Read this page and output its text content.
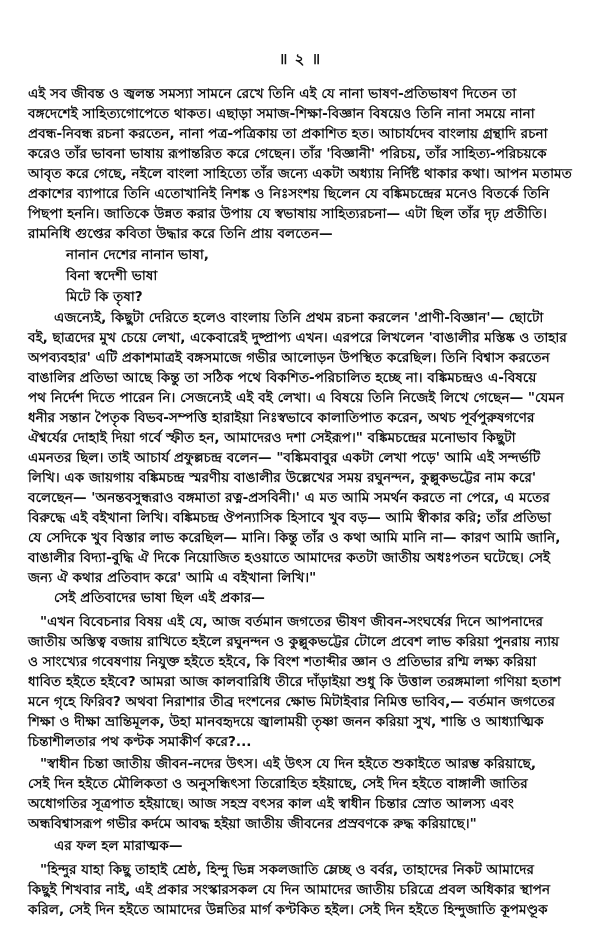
॥ ২ ॥
এই সব জীবন্ত ও জ্বলন্ত সমস্যা সামনে রেখে তিনি এই যে নানা ভাষণ-প্রতিভাষণ দিতেন তা
বঙ্গদেশেই সাহিত্যগোপেতে থাকত। এছাড়া সমাজ-শিক্ষা-বিজ্ঞান বিষয়েও তিনি নানা সময়ে নানা
প্রবন্ধ-নিবন্ধ রচনা করতেন, নানা পত্র-পত্রিকায় তা প্রকাশিত হত। আচার্যদেব বাংলায় গ্রন্থাদি রচনা
করেও তাঁর ভাবনা ভাষায় রূপান্তরিত করে গেছেন। তাঁর 'বিজ্ঞানী' পরিচয়, তাঁর সাহিত্য-পরিচয়কে
আবৃত করে গেছে, নইলে বাংলা সাহিত্যে তাঁর জন্যে একটা অধ্যায় নির্দিষ্ট থাকার কথা। আপন মতামত
প্রকাশের ব্যাপারে তিনি এতোখানিই নিশঙ্ক ও নিঃসংশয় ছিলেন যে বঙ্কিমচন্দ্রের মনেও বিতর্কে তিনি
পিছপা হননি। জাতিকে উন্নত করার উপায় যে স্বভাষায় সাহিত্যরচনা— এটা ছিল তাঁর দৃঢ় প্রতীতি।
রামনিধি গুপ্তের কবিতা উদ্ধার করে তিনি প্রায় বলতেন—
নানান দেশের নানান ভাষা,
বিনা স্বদেশী ভাষা
মিটে কি তৃষা?
এজন্যেই, কিছুটা দেরিতে হলেও বাংলায় তিনি প্রথম রচনা করলেন 'প্রাণী-বিজ্ঞান'— ছোটো
বই, ছাত্রদের মুখ চেয়ে লেখা, একেবারেই দুষ্প্রাপ্য এখন। এরপরে লিখলেন 'বাঙালীর মস্তিষ্ক ও তাহার
অপব্যবহার' এটি প্রকাশমাত্রই বঙ্গসমাজে গভীর আলোড়ন উপস্থিত করেছিল। তিনি বিশ্বাস করতেন
বাঙালির প্রতিভা আছে কিন্তু তা সঠিক পথে বিকশিত-পরিচালিত হচ্ছে না। বঙ্কিমচন্দ্রও এ-বিষয়ে
পথ নির্দেশ দিতে পারেন নি। সেজন্যেই এই বই লেখা। এ বিষয়ে তিনি নিজেই লিখে গেছেন— "যেমন
ধনীর সন্তান পৈতৃক বিভব-সম্পত্তি হারাইয়া নিঃস্বভাবে কালাতিপাত করেন, অথচ পূর্বপুরুষগণের
ঐশ্বর্যের দোহাই দিয়া গর্বে স্ফীত হন, আমাদেরও দশা সেইরূপ।" বঙ্কিমচন্দ্রের মনোভাব কিছুটা
এমনতর ছিল। তাই আচার্য প্রফুল্লচন্দ্র বলেন— "বঙ্কিমবাবুর একটা লেখা পড়ে' আমি এই সন্দর্ভটি
লিখি। এক জায়গায় বঙ্কিমচন্দ্র স্মরণীয় বাঙালীর উল্লেখের সময় রঘুনন্দন, কুল্লুকভট্টের নাম করে'
বলেছেন— 'অনন্তবসুন্ধরাও বঙ্গমাতা রত্ন-প্রসবিনী।' এ মত আমি সমর্থন করতে না পেরে, এ মতের
বিরুদ্ধে এই বইখানা লিখি। বঙ্কিমচন্দ্র ঔপন্যাসিক হিসাবে খুব বড়— আমি স্বীকার করি; তাঁর প্রতিভা
যে সেদিকে খুব বিস্তার লাভ করেছিল— মানি। কিন্তু তাঁর ও কথা আমি মানি না— কারণ আমি জানি,
বাঙালীর বিদ্যা-বুদ্ধি ঐ দিকে নিয়োজিত হওয়াতে আমাদের কতটা জাতীয় অধঃপতন ঘটেছে। সেই
জন্য ঐ কথার প্রতিবাদ করে' আমি এ বইখানা লিখি।"
সেই প্রতিবাদের ভাষা ছিল এই প্রকার—
"এখন বিবেচনার বিষয় এই যে, আজ বর্তমান জগতের ভীষণ জীবন-সংঘর্ষের দিনে আপনাদের
জাতীয় অস্তিত্ব বজায় রাখিতে হইলে রঘুনন্দন ও কুল্লুকভট্টের টোলে প্রবেশ লাভ করিয়া পুনরায় ন্যায়
ও সাংখ্যের গবেষণায় নিযুক্ত হইতে হইবে, কি বিংশ শতাব্দীর জ্ঞান ও প্রতিভার রশ্মি লক্ষ্য করিয়া
ধাবিত হইতে হইবে? আমরা আজ কালবারিধি তীরে দাঁড়াইয়া শুধু কি উত্তাল তরঙ্গমালা গণিয়া হতাশ
মনে গৃহে ফিরিব? অথবা নিরাশার তীব্র দংশনের ক্ষোভ মিটাইবার নিমিত্ত ভাবিব,— বর্তমান জগতের
শিক্ষা ও দীক্ষা ভ্রান্তিমূলক, উহা মানবহৃদয়ে জ্বালাময়ী তৃষ্ণা জনন করিয়া সুখ, শান্তি ও আধ্যাত্মিক
চিন্তাশীলতার পথ কণ্টক সমাকীর্ণ করে?...
"স্বাধীন চিন্তা জাতীয় জীবন-নদের উৎস। এই উৎস যে দিন হইতে শুকাইতে আরম্ভ করিয়াছে,
সেই দিন হইতে মৌলিকতা ও অনুসন্ধিৎসা তিরোহিত হইয়াছে, সেই দিন হইতে বাঙ্গালী জাতির
অধোগতির সূত্রপাত হইয়াছে। আজ সহস্র বৎসর কাল এই স্বাধীন চিন্তার স্রোত আলস্য এবং
অন্ধবিশ্বাসরূপ গভীর কর্দমে আবদ্ধ হইয়া জাতীয় জীবনের প্রস্রবণকে রুদ্ধ করিয়াছে।"
এর ফল হল মারাত্মক—
"হিন্দুর যাহা কিছু তাহাই শ্রেষ্ঠ, হিন্দু ভিন্ন সকলজাতি ম্লেচ্ছ ও বর্বর, তাহাদের নিকট আমাদের
কিছুই শিখবার নাই, এই প্রকার সংস্কারসকল যে দিন আমাদের জাতীয় চরিত্রে প্রবল অধিকার স্থাপন
করিল, সেই দিন হইতে আমাদের উন্নতির মার্গ কণ্টকিত হইল। সেই দিন হইতে হিন্দুজাতি কূপমণ্ডূক
